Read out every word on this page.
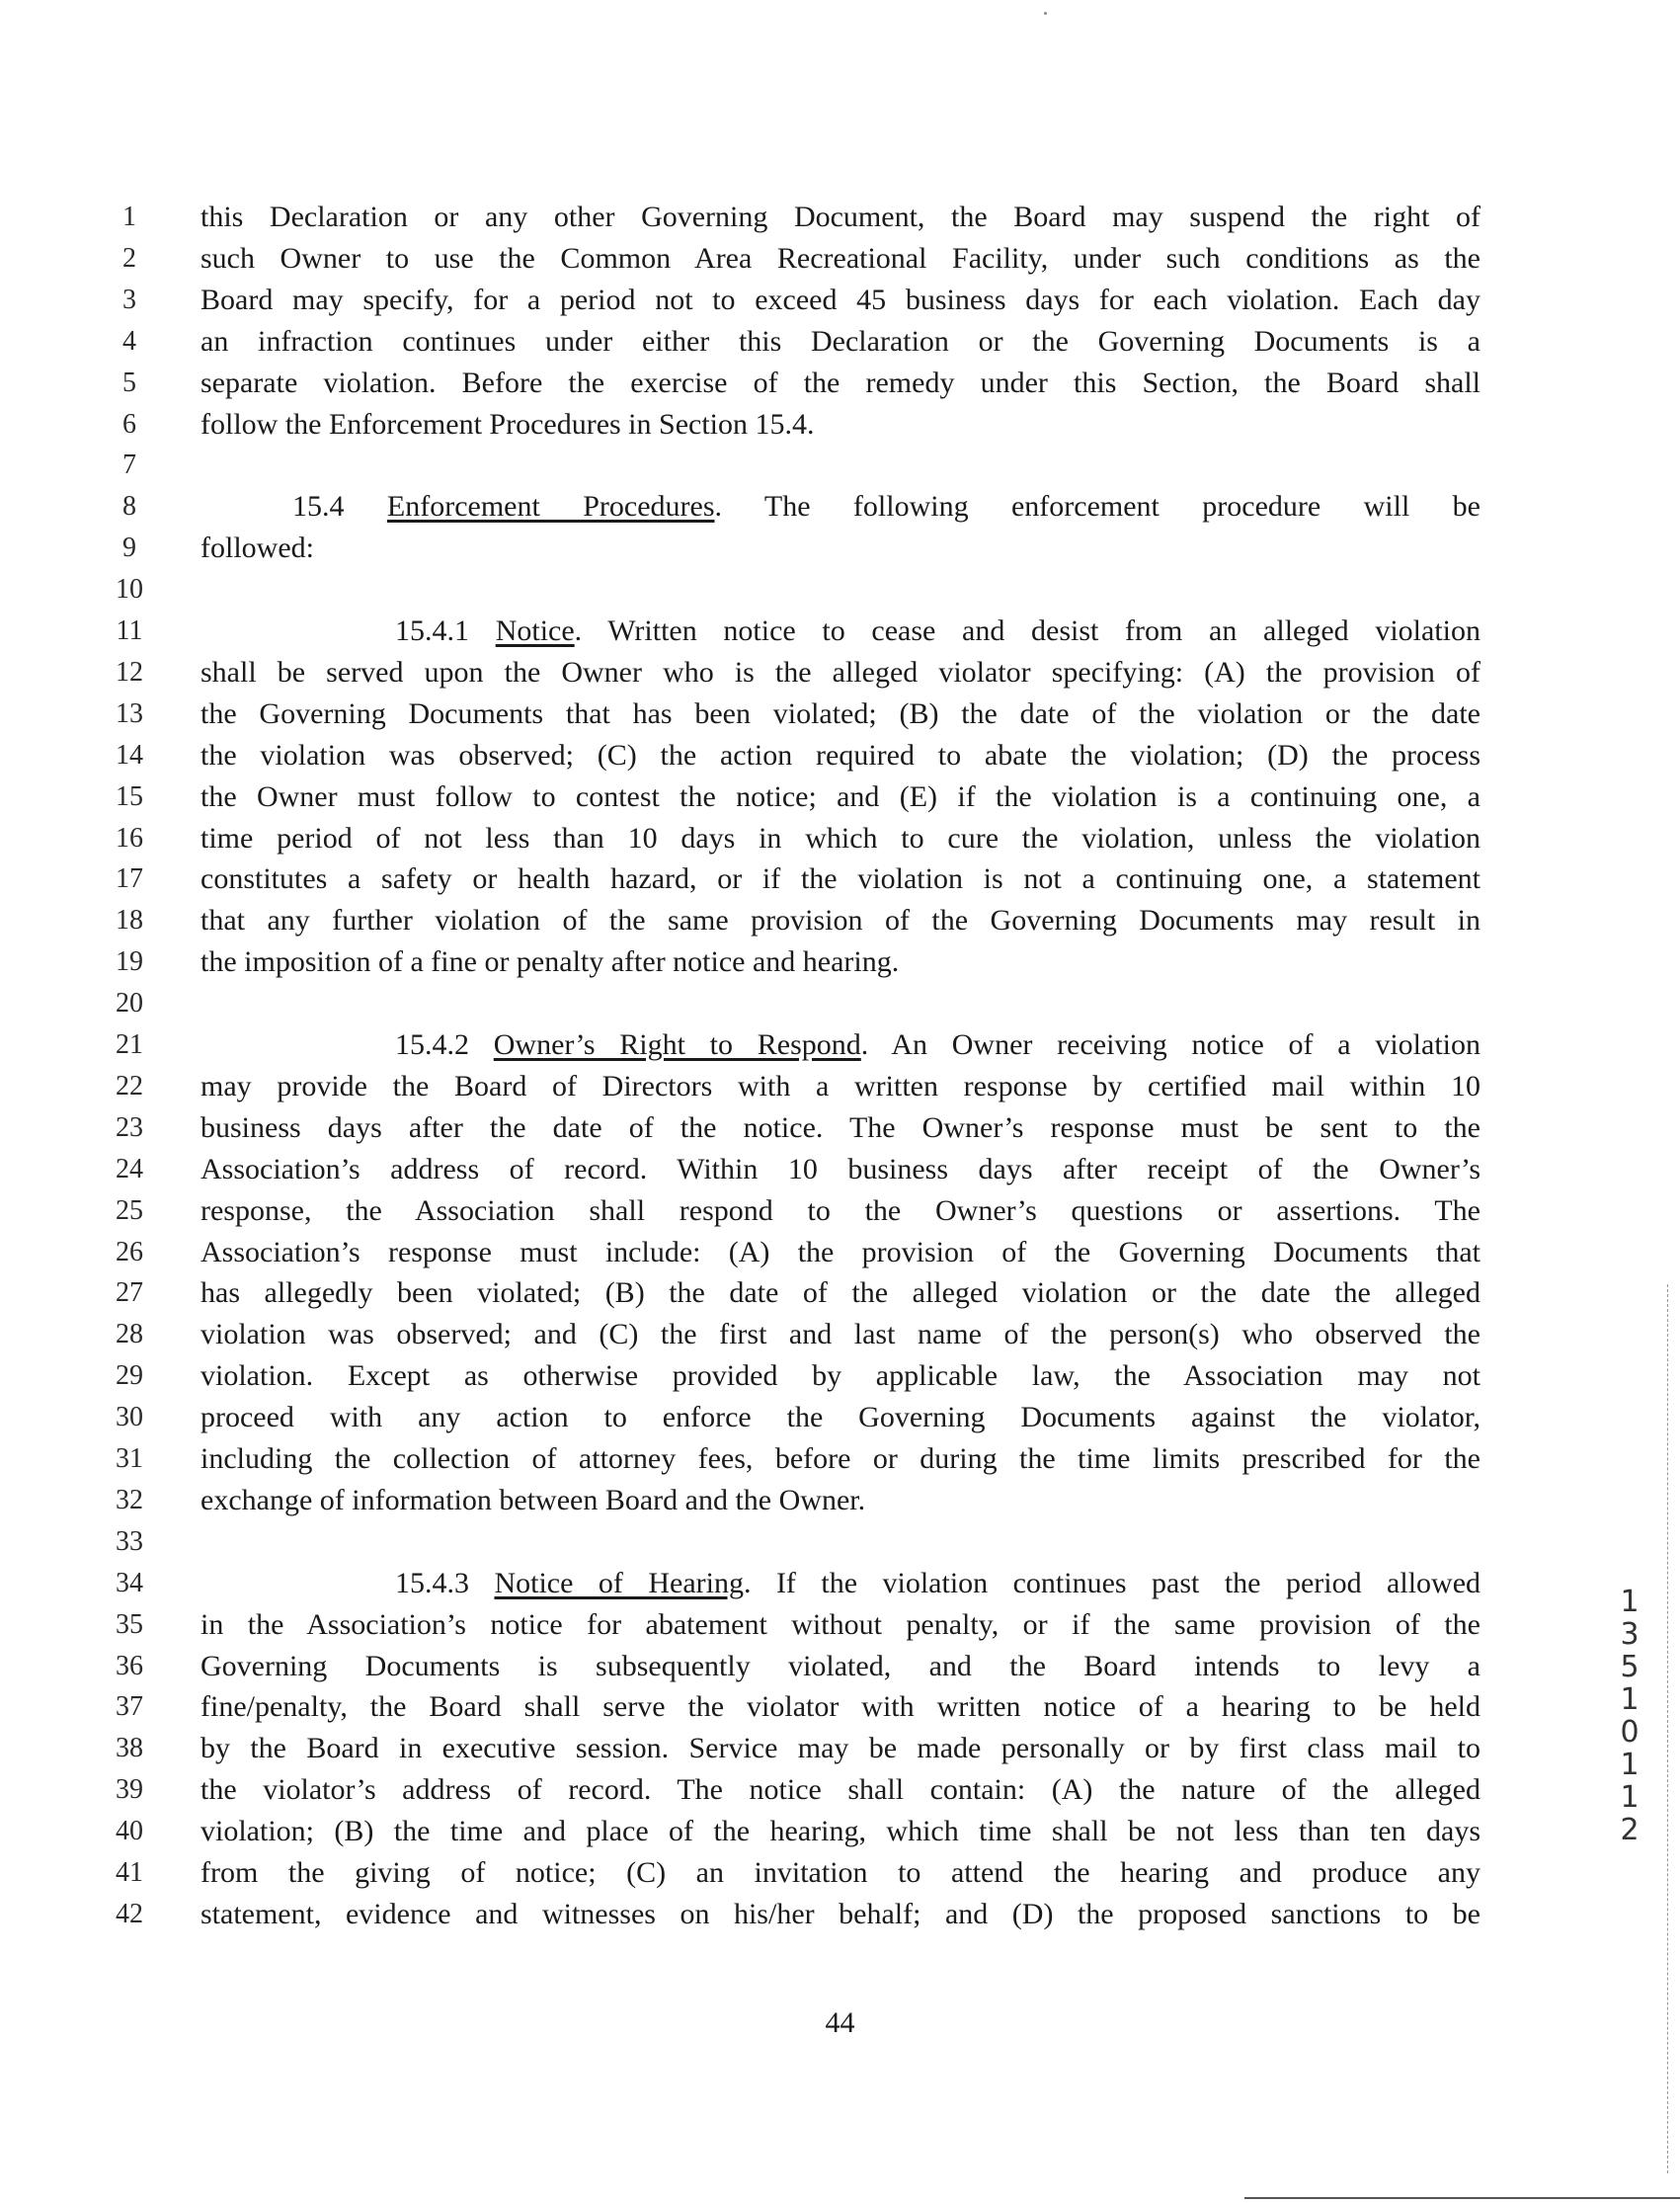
1	this Declaration or any other Governing Document, the Board may suspend the right of
2	such Owner to use the Common Area Recreational Facility, under such conditions as the
3	Board may specify, for a period not to exceed 45 business days for each violation. Each day
4	an infraction continues under either this Declaration or the Governing Documents is a
5	separate violation. Before the exercise of the remedy under this Section, the Board shall
6	follow the Enforcement Procedures in Section 15.4.
7
8	15.4 Enforcement Procedures. The following enforcement procedure will be
9	followed:
10
11	15.4.1 Notice. Written notice to cease and desist from an alleged violation
12 shall be served upon the Owner who is the alleged violator specifying: (A) the provision of
13 the Governing Documents that has been violated; (B) the date of the violation or the date
14 the violation was observed; (C) the action required to abate the violation; (D) the process
15 the Owner must follow to contest the notice; and (E) if the violation is a continuing one, a
16 time period of not less than 10 days in which to cure the violation, unless the violation
17 constitutes a safety or health hazard, or if the violation is not a continuing one, a statement
18 that any further violation of the same provision of the Governing Documents may result in
19 the imposition of a fine or penalty after notice and hearing.
20
21	15.4.2 Owner’s Right to Respond. An Owner receiving notice of a violation
22 may provide the Board of Directors with a written response by certified mail within 10
23 business days after the date of the notice. The Owner’s response must be sent to the
24 Association’s address of record. Within 10 business days after receipt of the Owner’s
25 response, the Association shall respond to the Owner’s questions or assertions. The
26 Association’s response must include: (A) the provision of the Governing Documents that
27 has allegedly been violated; (B) the date of the alleged violation or the date the alleged
28 violation was observed; and (C) the first and last name of the person(s) who observed the
29 violation. Except as otherwise provided by applicable law, the Association may not
30 proceed with any action to enforce the Governing Documents against the violator,
31 including the collection of attorney fees, before or during the time limits prescribed for the
32 exchange of information between Board and the Owner.
33
34	15.4.3 Notice of Hearing. If the violation continues past the period allowed
35 in the Association’s notice for abatement without penalty, or if the same provision of the
36 Governing Documents is subsequently violated, and the Board intends to levy a
37 fine/penalty, the Board shall serve the violator with written notice of a hearing to be held
38 by the Board in executive session. Service may be made personally or by first class mail to
39 the violator’s address of record. The notice shall contain: (A) the nature of the alleged
40 violation; (B) the time and place of the hearing, which time shall be not less than ten days
41 from the giving of notice; (C) an invitation to attend the hearing and produce any
42 statement, evidence and witnesses on his/her behalf; and (D) the proposed sanctions to be
44
1
3
5
1
0
1
1
2
